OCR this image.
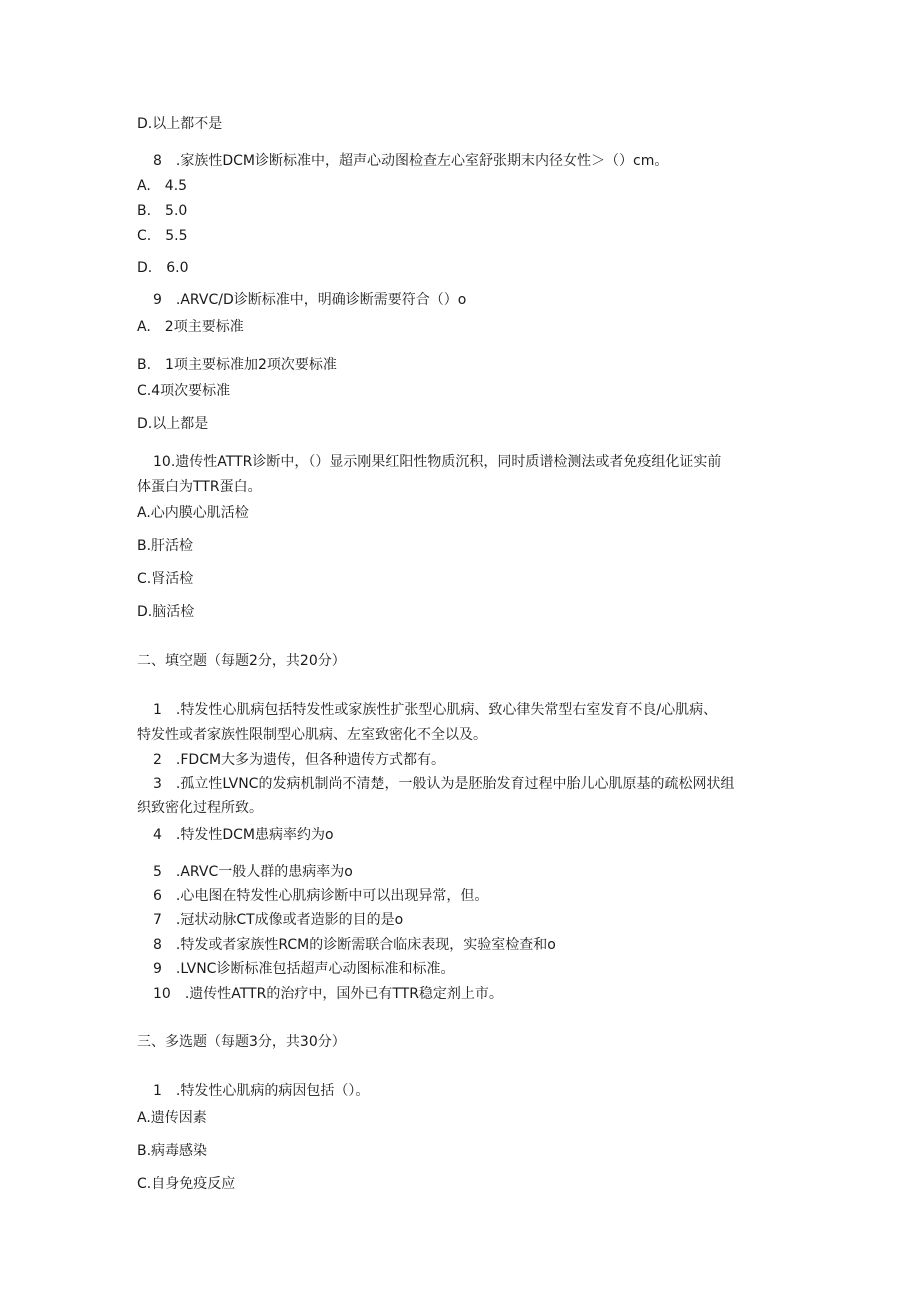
D.以上都不是
8　.家族性DCM诊断标准中，超声心动图检查左心室舒张期末内径女性＞（）cm。
A.　4.5
B.　5.0
C.　5.5
D.　6.0
9　.ARVC/D诊断标准中，明确诊断需要符合（）o
A.　2项主要标准
B.　1项主要标准加2项次要标准
C.4项次要标准
D.以上都是
10.遗传性ATTR诊断中，（）显示刚果红阳性物质沉积，同时质谱检测法或者免疫组化证实前
体蛋白为TTR蛋白。
A.心内膜心肌活检
B.肝活检
C.肾活检
D.脑活检
二、填空题（每题2分，共20分）
1　.特发性心肌病包括特发性或家族性扩张型心肌病、致心律失常型右室发育不良/心肌病、
特发性或者家族性限制型心肌病、左室致密化不全以及。
2　.FDCM大多为遗传，但各种遗传方式都有。
3　.孤立性LVNC的发病机制尚不清楚，一般认为是胚胎发育过程中胎儿心肌原基的疏松网状组
织致密化过程所致。
4　.特发性DCM患病率约为o
5　.ARVC一般人群的患病率为o
6　.心电图在特发性心肌病诊断中可以出现异常，但。
7　.冠状动脉CT成像或者造影的目的是o
8　.特发或者家族性RCM的诊断需联合临床表现，实验室检查和o
9　.LVNC诊断标准包括超声心动图标准和标准。
10　.遗传性ATTR的治疗中，国外已有TTR稳定剂上市。
三、多选题（每题3分，共30分）
1　.特发性心肌病的病因包括（）。
A.遗传因素
B.病毒感染
C.自身免疫反应
